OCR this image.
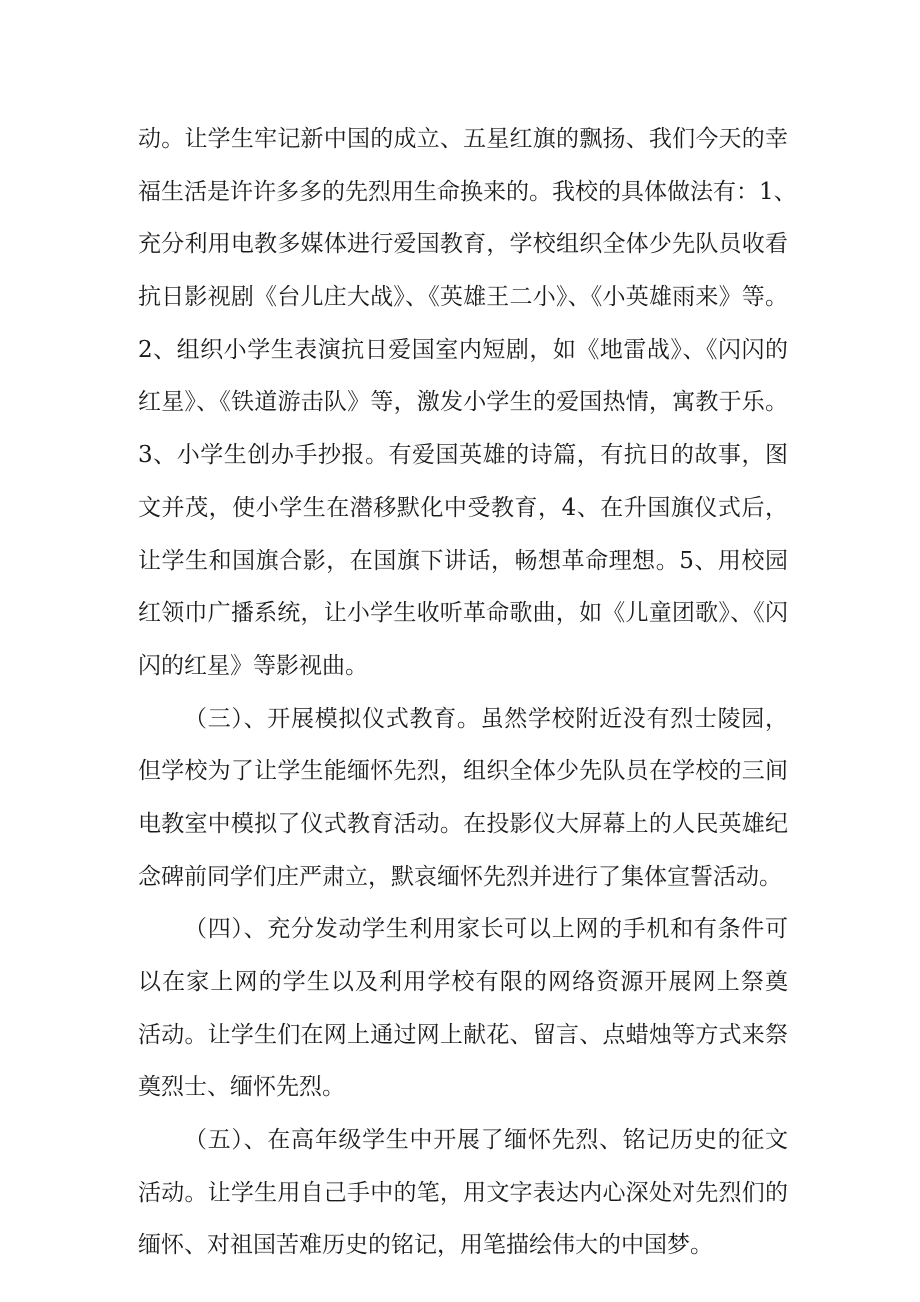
动。让学生牢记新中国的成立、五星红旗的飘扬、我们今天的幸
福生活是许许多多的先烈用生命换来的。我校的具体做法有：1、
充分利用电教多媒体进行爱国教育，学校组织全体少先队员收看
抗日影视剧《台儿庄大战》、《英雄王二小》、《小英雄雨来》等。
2、组织小学生表演抗日爱国室内短剧，如《地雷战》、《闪闪的
红星》、《铁道游击队》等，激发小学生的爱国热情，寓教于乐。
3、小学生创办手抄报。有爱国英雄的诗篇，有抗日的故事，图
文并茂，使小学生在潜移默化中受教育，4、在升国旗仪式后，
让学生和国旗合影，在国旗下讲话，畅想革命理想。5、用校园
红领巾广播系统，让小学生收听革命歌曲，如《儿童团歌》、《闪
闪的红星》等影视曲。
（三）、开展模拟仪式教育。虽然学校附近没有烈士陵园，
但学校为了让学生能缅怀先烈，组织全体少先队员在学校的三间
电教室中模拟了仪式教育活动。在投影仪大屏幕上的人民英雄纪
念碑前同学们庄严肃立，默哀缅怀先烈并进行了集体宣誓活动。
（四）、充分发动学生利用家长可以上网的手机和有条件可
以在家上网的学生以及利用学校有限的网络资源开展网上祭奠
活动。让学生们在网上通过网上献花、留言、点蜡烛等方式来祭
奠烈士、缅怀先烈。
（五）、在高年级学生中开展了缅怀先烈、铭记历史的征文
活动。让学生用自己手中的笔，用文字表达内心深处对先烈们的
缅怀、对祖国苦难历史的铭记，用笔描绘伟大的中国梦。
